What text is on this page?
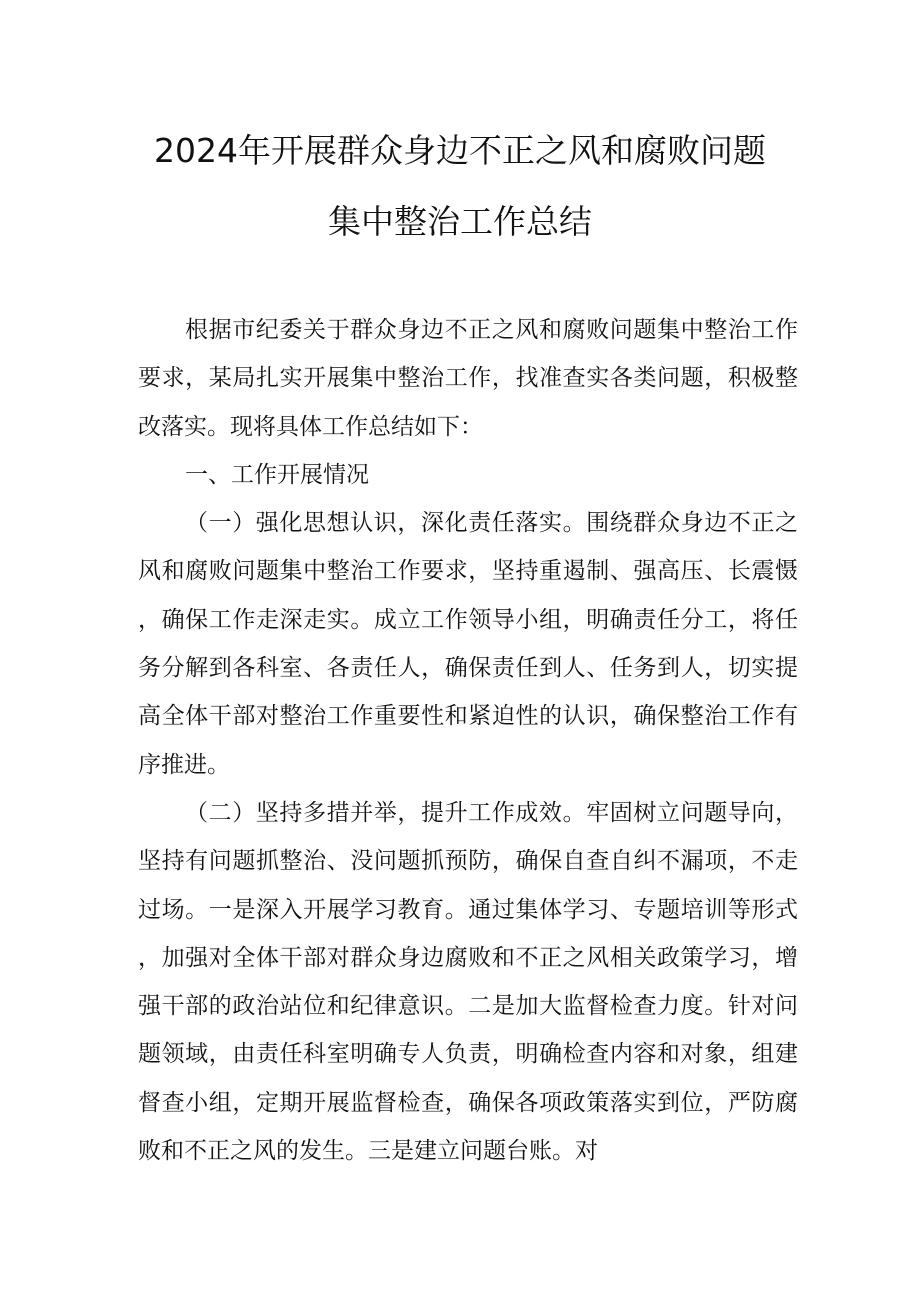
2024年开展群众身边不正之风和腐败问题
集中整治工作总结

根据市纪委关于群众身边不正之风和腐败问题集中整治工作要求，某局扎实开展集中整治工作，找准查实各类问题，积极整改落实。现将具体工作总结如下：

一、工作开展情况

（一）强化思想认识，深化责任落实。围绕群众身边不正之风和腐败问题集中整治工作要求，坚持重遏制、强高压、长震慑，确保工作走深走实。成立工作领导小组，明确责任分工，将任务分解到各科室、各责任人，确保责任到人、任务到人，切实提高全体干部对整治工作重要性和紧迫性的认识，确保整治工作有序推进。

（二）坚持多措并举，提升工作成效。牢固树立问题导向，坚持有问题抓整治、没问题抓预防，确保自查自纠不漏项，不走过场。一是深入开展学习教育。通过集体学习、专题培训等形式，加强对全体干部对群众身边腐败和不正之风相关政策学习，增强干部的政治站位和纪律意识。二是加大监督检查力度。针对问题领域，由责任科室明确专人负责，明确检查内容和对象，组建督查小组，定期开展监督检查，确保各项政策落实到位，严防腐败和不正之风的发生。三是建立问题台账。对
